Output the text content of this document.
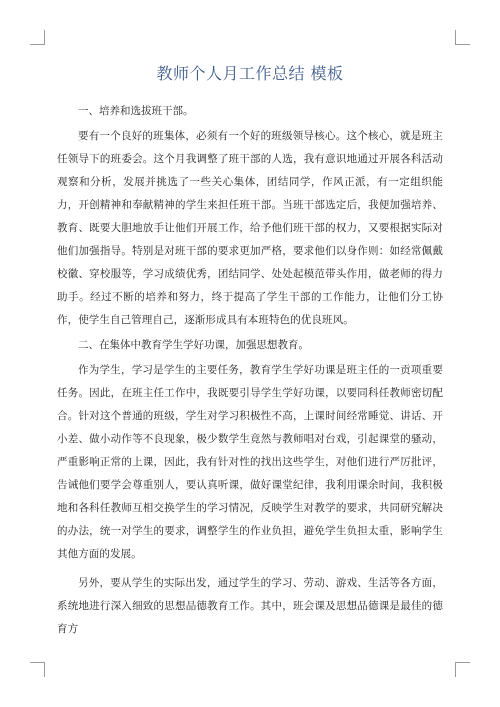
教师个人月工作总结 模板

一、培养和选拔班干部。

要有一个良好的班集体，必须有一个好的班级领导核心。这个核心，就是班主任领导下的班委会。这个月我调整了班干部的人选，我有意识地通过开展各科活动观察和分析，发展并挑选了一些关心集体，团结同学，作风正派，有一定组织能力，开创精神和奉献精神的学生来担任班干部。当班干部选定后，我便加强培养、教育、既要大胆地放手让他们开展工作，给予他们班干部的权力，又要根据实际对他们加强指导。特别是对班干部的要求更加严格，要求他们以身作则：如经常佩戴校徽、穿校服等，学习成绩优秀，团结同学、处处起模范带头作用，做老师的得力助手。经过不断的培养和努力，终于提高了学生干部的工作能力，让他们分工协作，使学生自己管理自己，逐渐形成具有本班特色的优良班风。

二、在集体中教育学生学好功课，加强思想教育。

作为学生，学习是学生的主要任务，教育学生学好功课是班主任的一贡项重要任务。因此，在班主任工作中，我既要引导学生学好功课，以要同科任教师密切配合。针对这个普通的班级，学生对学习积极性不高，上课时间经常睡觉、讲话、开小差、做小动作等不良现象，极少数学生竟然与教师唱对台戏，引起课堂的骚动，严重影响正常的上课，因此，我有针对性的找出这些学生，对他们进行严厉批评，告诫他们要学会尊重别人，要认真听课，做好课堂纪律，我利用课余时间，我积极地和各科任教师互相交换学生的学习情况，反映学生对教学的要求，共同研究解决的办法，统一对学生的要求，调整学生的作业负担，避免学生负担太重，影响学生其他方面的发展。

另外，要从学生的实际出发，通过学生的学习、劳动、游戏、生活等各方面，系统地进行深入细致的思想品德教育工作。其中，班会课及思想品德课是最佳的德育方
